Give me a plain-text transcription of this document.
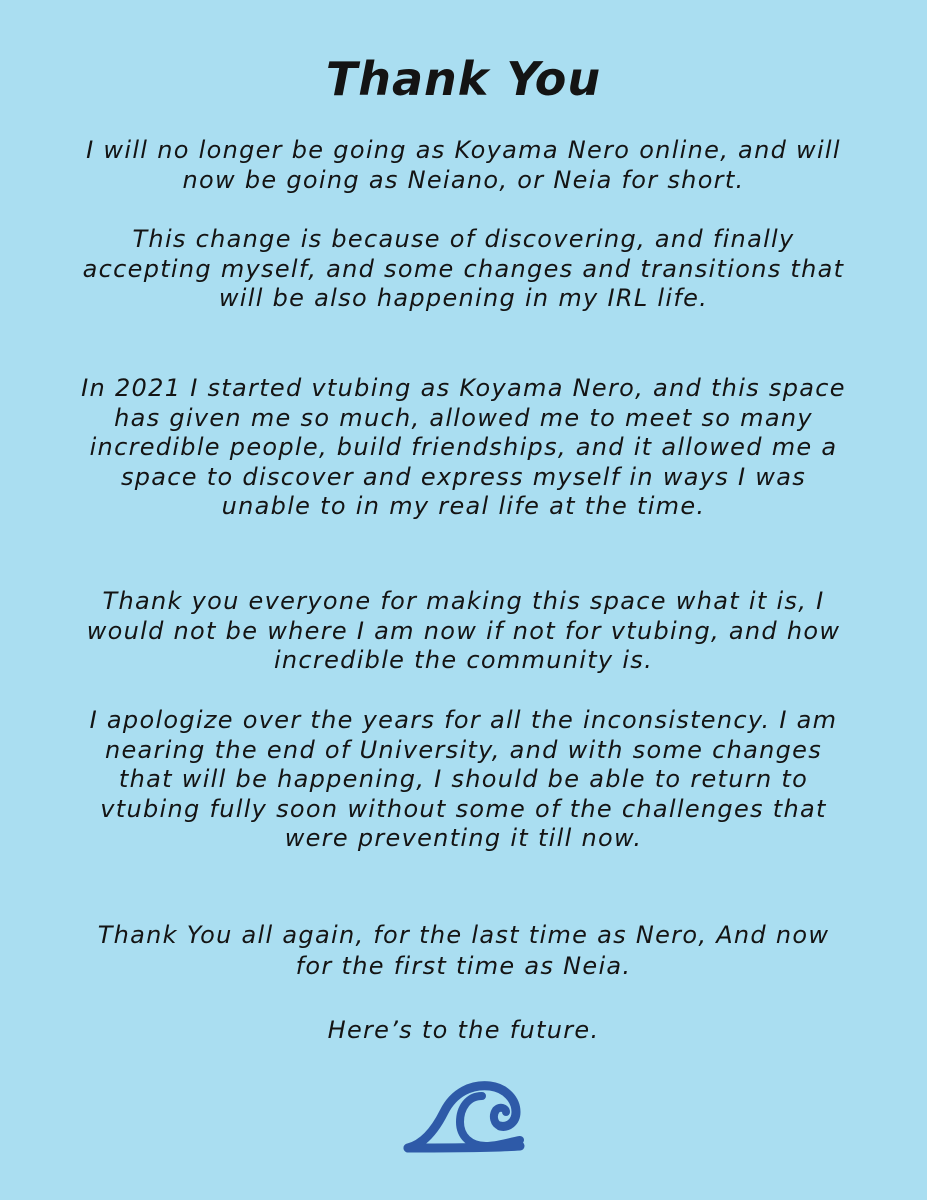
Thank You

I will no longer be going as Koyama Nero online, and will now be going as Neiano, or Neia for short.

This change is because of discovering, and finally accepting myself, and some changes and transitions that will be also happening in my IRL life.

In 2021 I started vtubing as Koyama Nero, and this space has given me so much, allowed me to meet so many incredible people, build friendships, and it allowed me a space to discover and express myself in ways I was unable to in my real life at the time.

Thank you everyone for making this space what it is, I would not be where I am now if not for vtubing, and how incredible the community is.

I apologize over the years for all the inconsistency. I am nearing the end of University, and with some changes that will be happening, I should be able to return to vtubing fully soon without some of the challenges that were preventing it till now.

Thank You all again, for the last time as Nero, And now for the first time as Neia.

Here’s to the future.
